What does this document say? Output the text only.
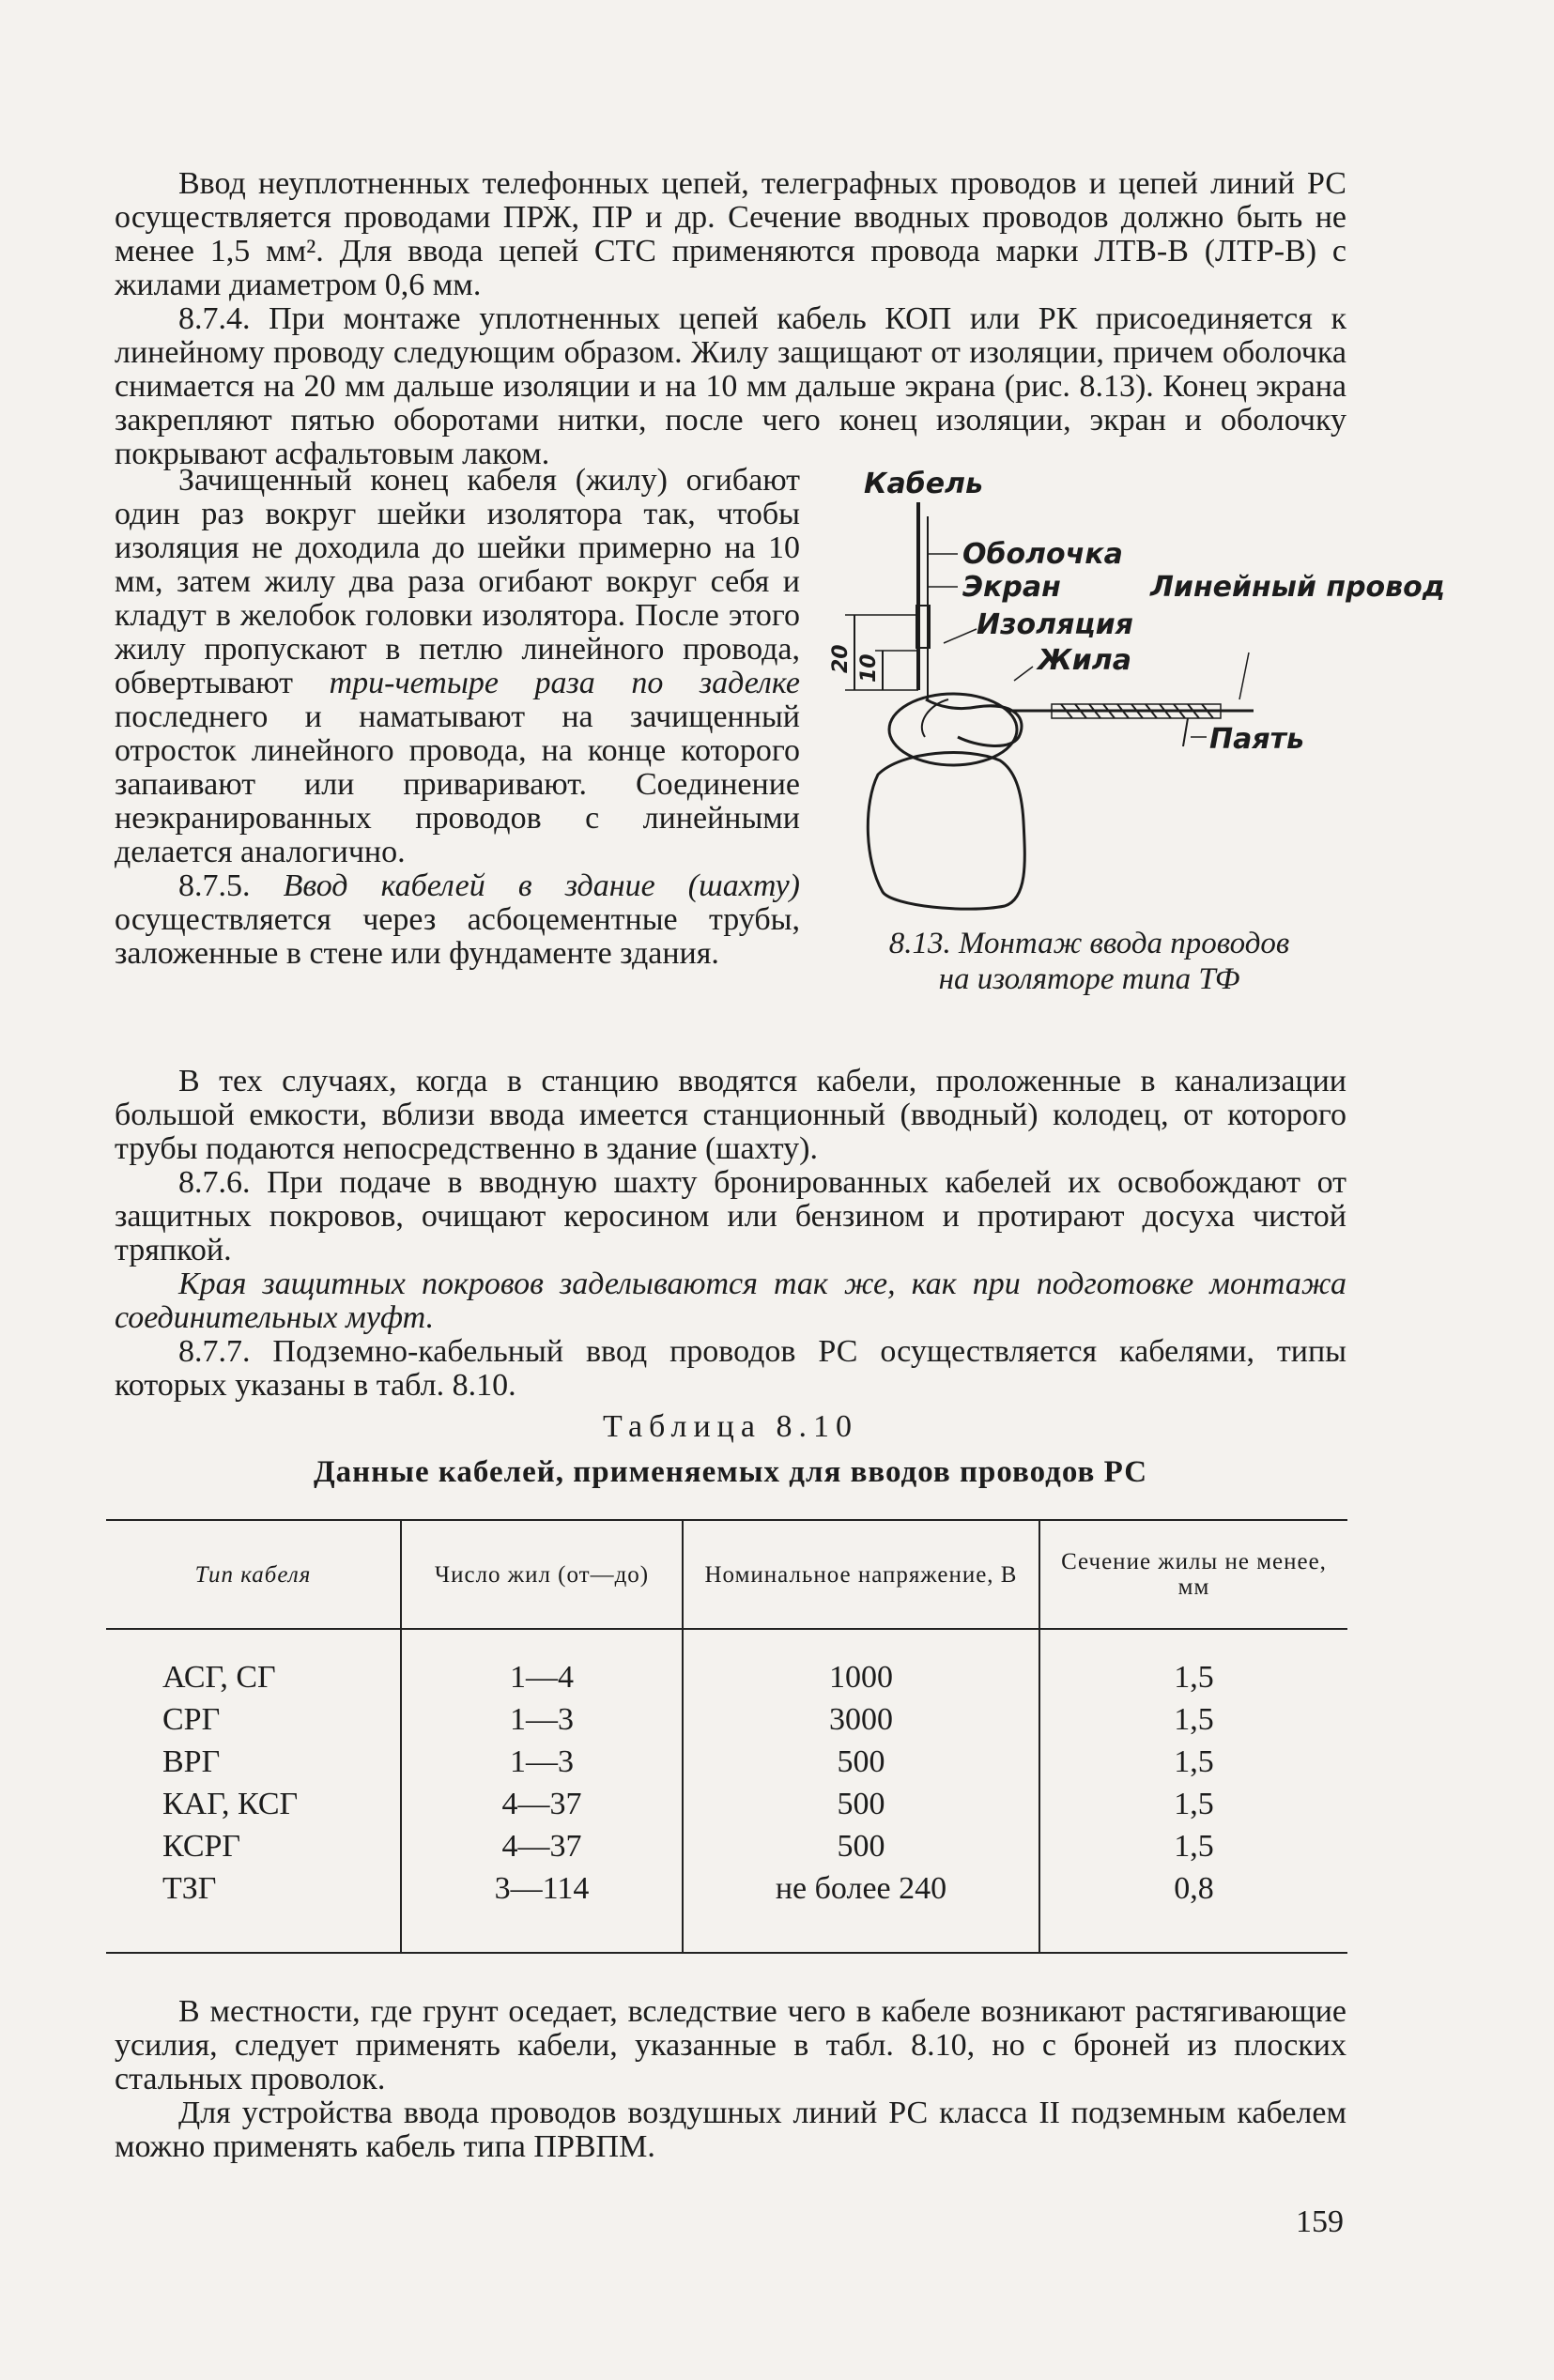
Ввод неуплотненных телефонных цепей, телеграфных проводов и цепей линий РС осуществляется проводами ПРЖ, ПР и др. Сечение вводных проводов должно быть не менее 1,5 мм². Для ввода цепей СТС применяются провода марки ЛТВ-В (ЛТР-В) с жилами диаметром 0,6 мм.

8.7.4. При монтаже уплотненных цепей кабель КОП или РК присоединяется к линейному проводу следующим образом. Жилу защищают от изоляции, причем оболочка снимается на 20 мм дальше изоляции и на 10 мм дальше экрана (рис. 8.13). Конец экрана закрепляют пятью оборотами нитки, после чего конец изоляции, экран и оболочку покрывают асфальтовым лаком.

Зачищенный конец кабеля (жилу) огибают один раз вокруг шейки изолятора так, чтобы изоляция не доходила до шейки примерно на 10 мм, затем жилу два раза огибают вокруг себя и кладут в желобок головки изолятора. После этого жилу пропускают в петлю линейного провода, обвертывают три-четыре раза по заделке последнего и наматывают на зачищенный отросток линейного провода, на конце которого запаивают или приваривают. Соединение неэкранированных проводов с линейными делается аналогично.

8.7.5. Ввод кабелей в здание (шахту) осуществляется через асбоцементные трубы, заложенные в стене или фундаменте здания.

Кабель
Оболочка
Экран
Изоляция
Жила
Линейный провод
Паять
20 10
8.13. Монтаж ввода проводов
на изоляторе типа ТФ

В тех случаях, когда в станцию вводятся кабели, проложенные в канализации большой емкости, вблизи ввода имеется станционный (вводный) колодец, от которого трубы подаются непосредственно в здание (шахту).

8.7.6. При подаче в вводную шахту бронированных кабелей их освобождают от защитных покровов, очищают керосином или бензином и протирают досуха чистой тряпкой.

Края защитных покровов заделываются так же, как при подготовке монтажа соединительных муфт.

8.7.7. Подземно-кабельный ввод проводов РС осуществляется кабелями, типы которых указаны в табл. 8.10.

Таблица 8.10
Данные кабелей, применяемых для вводов проводов РС
Тип кабеля	Число жил (от—до)	Номинальное напряжение, В	Сечение жилы не менее, мм
АСГ, СГ	1—4	1000	1,5
СРГ	1—3	3000	1,5
ВРГ	1—3	500	1,5
КАГ, КСГ	4—37	500	1,5
КСРГ	4—37	500	1,5
ТЗГ	3—114	не более 240	0,8

В местности, где грунт оседает, вследствие чего в кабеле возникают растягивающие усилия, следует применять кабели, указанные в табл. 8.10, но с броней из плоских стальных проволок.

Для устройства ввода проводов воздушных линий РС класса II подземным кабелем можно применять кабель типа ПРВПМ.

159
